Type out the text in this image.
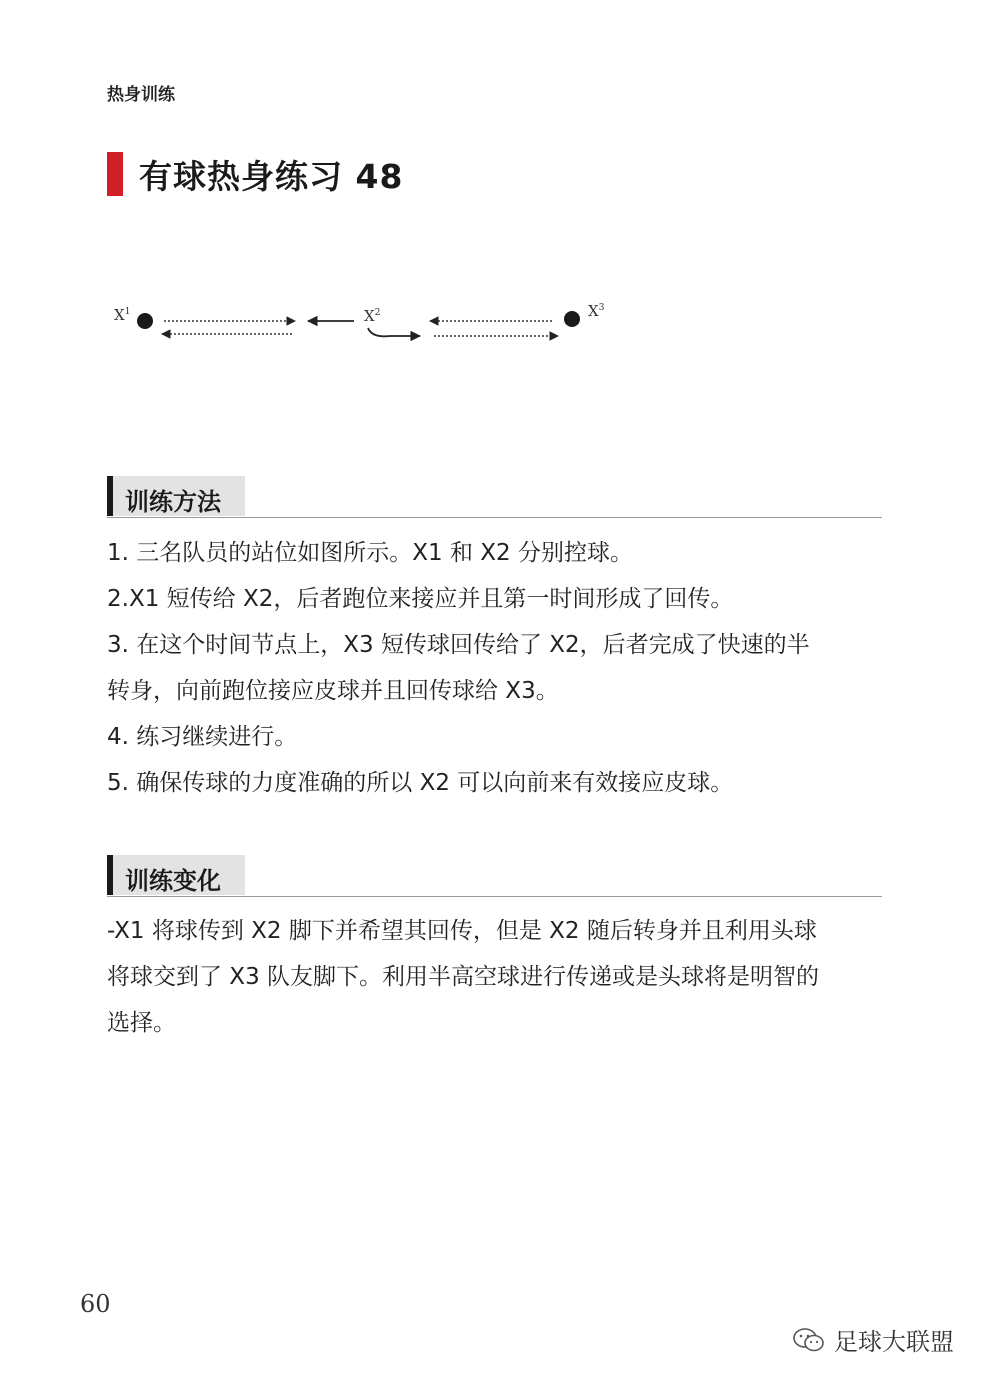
热身训练
有球热身练习 48
$X^1$	$X^2$	$X^3$
训练方法
1. 三名队员的站位如图所示。X1 和 X2 分别控球。
2.X1 短传给 X2，后者跑位来接应并且第一时间形成了回传。
3. 在这个时间节点上，X3 短传球回传给了 X2，后者完成了快速的半
转身，向前跑位接应皮球并且回传球给 X3。
4. 练习继续进行。
5. 确保传球的力度准确的所以 X2 可以向前来有效接应皮球。
训练变化
-X1 将球传到 X2 脚下并希望其回传，但是 X2 随后转身并且利用头球
将球交到了 X3 队友脚下。利用半高空球进行传递或是头球将是明智的
选择。
60
足球大联盟
